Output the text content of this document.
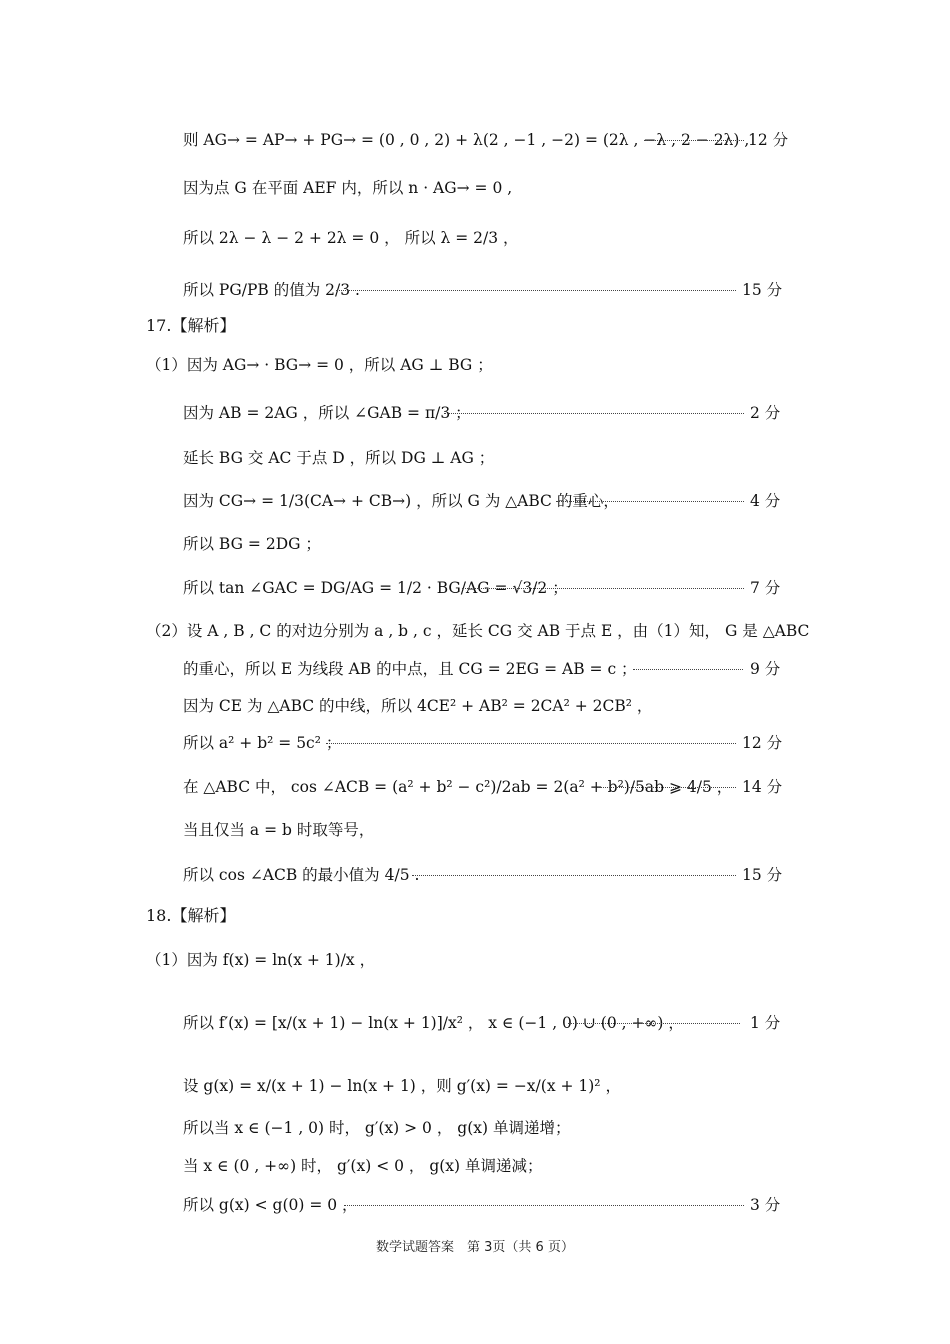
则 AG→ = AP→ + PG→ = (0 , 0 , 2) + λ(2 , −1 , −2) = (2λ , −λ , 2 − 2λ) ,
12 分
因为点 G 在平面 AEF 内，所以 n · AG→ = 0 ,
所以 2λ − λ − 2 + 2λ = 0 ， 所以 λ = 2/3 ，
所以 PG/PB 的值为 2/3 .	15 分
17.【解析】
（1）因为 AG→ · BG→ = 0 ，所以 AG ⊥ BG ；
因为 AB = 2AG ，所以 ∠GAB = π/3 ；	2 分
延长 BG 交 AC 于点 D ，所以 DG ⊥ AG ；
因为 CG→ = 1/3(CA→ + CB→) ，所以 G 为 △ABC 的重心，	4 分
所以 BG = 2DG ；
所以 tan ∠GAC = DG/AG = 1/2 · BG/AG = √3/2 ；	7 分
（2）设 A , B , C 的对边分别为 a , b , c ，延长 CG 交 AB 于点 E ，由（1）知， G 是 △ABC
的重心，所以 E 为线段 AB 的中点，且 CG = 2EG = AB = c ；	9 分
因为 CE 为 △ABC 的中线，所以 4CE² + AB² = 2CA² + 2CB² ，
所以 a² + b² = 5c² ；	12 分
在 △ABC 中， cos ∠ACB = (a² + b² − c²)/2ab = 2(a² + b²)/5ab ⩾ 4/5 ， 14 分
当且仅当 a = b 时取等号，
所以 cos ∠ACB 的最小值为 4/5 .	15 分
18.【解析】
（1）因为 f(x) = ln(x + 1)/x ，
所以 f′(x) = [x/(x + 1) − ln(x + 1)]/x² ， x ∈ (−1 , 0) ∪ (0 , +∞) ，	1 分
设 g(x) = x/(x + 1) − ln(x + 1) ，则 g′(x) = −x/(x + 1)² ，
所以当 x ∈ (−1 , 0) 时， g′(x) > 0 ， g(x) 单调递增；
当 x ∈ (0 , +∞) 时， g′(x) < 0 ， g(x) 单调递减；
所以 g(x) < g(0) = 0 ，	3 分
数学试题答案　第 3页（共 6 页）
